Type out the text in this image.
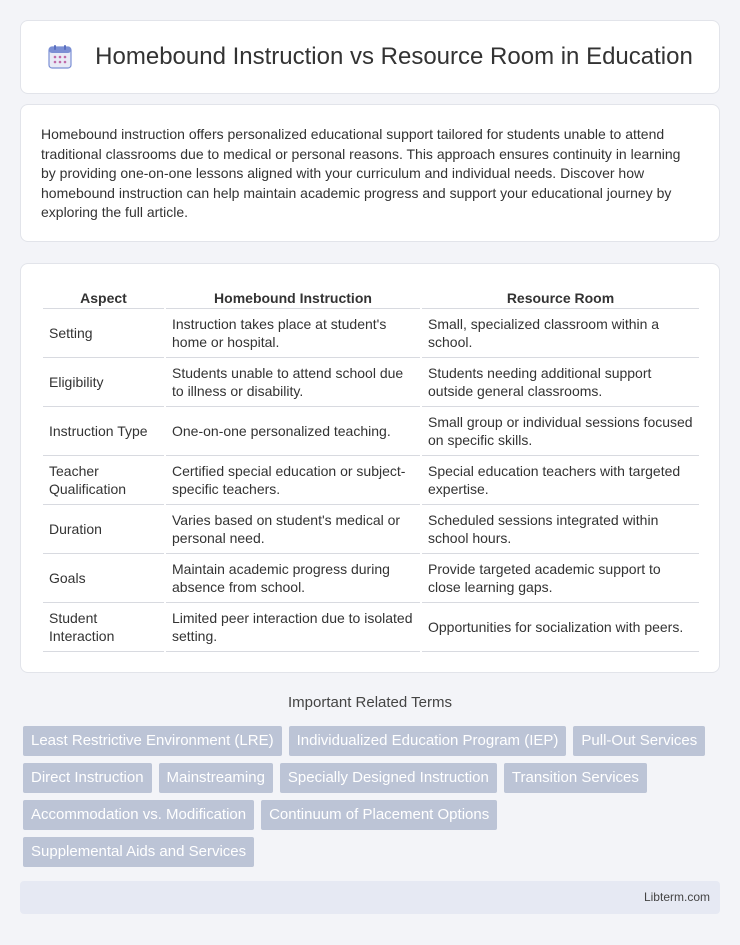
Homebound Instruction vs Resource Room in Education

Homebound instruction offers personalized educational support tailored for students unable to attend traditional classrooms due to medical or personal reasons. This approach ensures continuity in learning by providing one-on-one lessons aligned with your curriculum and individual needs. Discover how homebound instruction can help maintain academic progress and support your educational journey by exploring the full article.

Aspect	Homebound Instruction	Resource Room
Setting	Instruction takes place at student's home or hospital.	Small, specialized classroom within a school.
Eligibility	Students unable to attend school due to illness or disability.	Students needing additional support outside general classrooms.
Instruction Type	One-on-one personalized teaching.	Small group or individual sessions focused on specific skills.
Teacher Qualification	Certified special education or subject-specific teachers.	Special education teachers with targeted expertise.
Duration	Varies based on student's medical or personal need.	Scheduled sessions integrated within school hours.
Goals	Maintain academic progress during absence from school.	Provide targeted academic support to close learning gaps.
Student Interaction	Limited peer interaction due to isolated setting.	Opportunities for socialization with peers.
Important Related Terms
Least Restrictive Environment (LRE)	Individualized Education Program (IEP)	Pull-Out Services
Direct Instruction	Mainstreaming	Specially Designed Instruction	Transition Services
Accommodation vs. Modification	Continuum of Placement Options
Supplemental Aids and Services
Libterm.com
